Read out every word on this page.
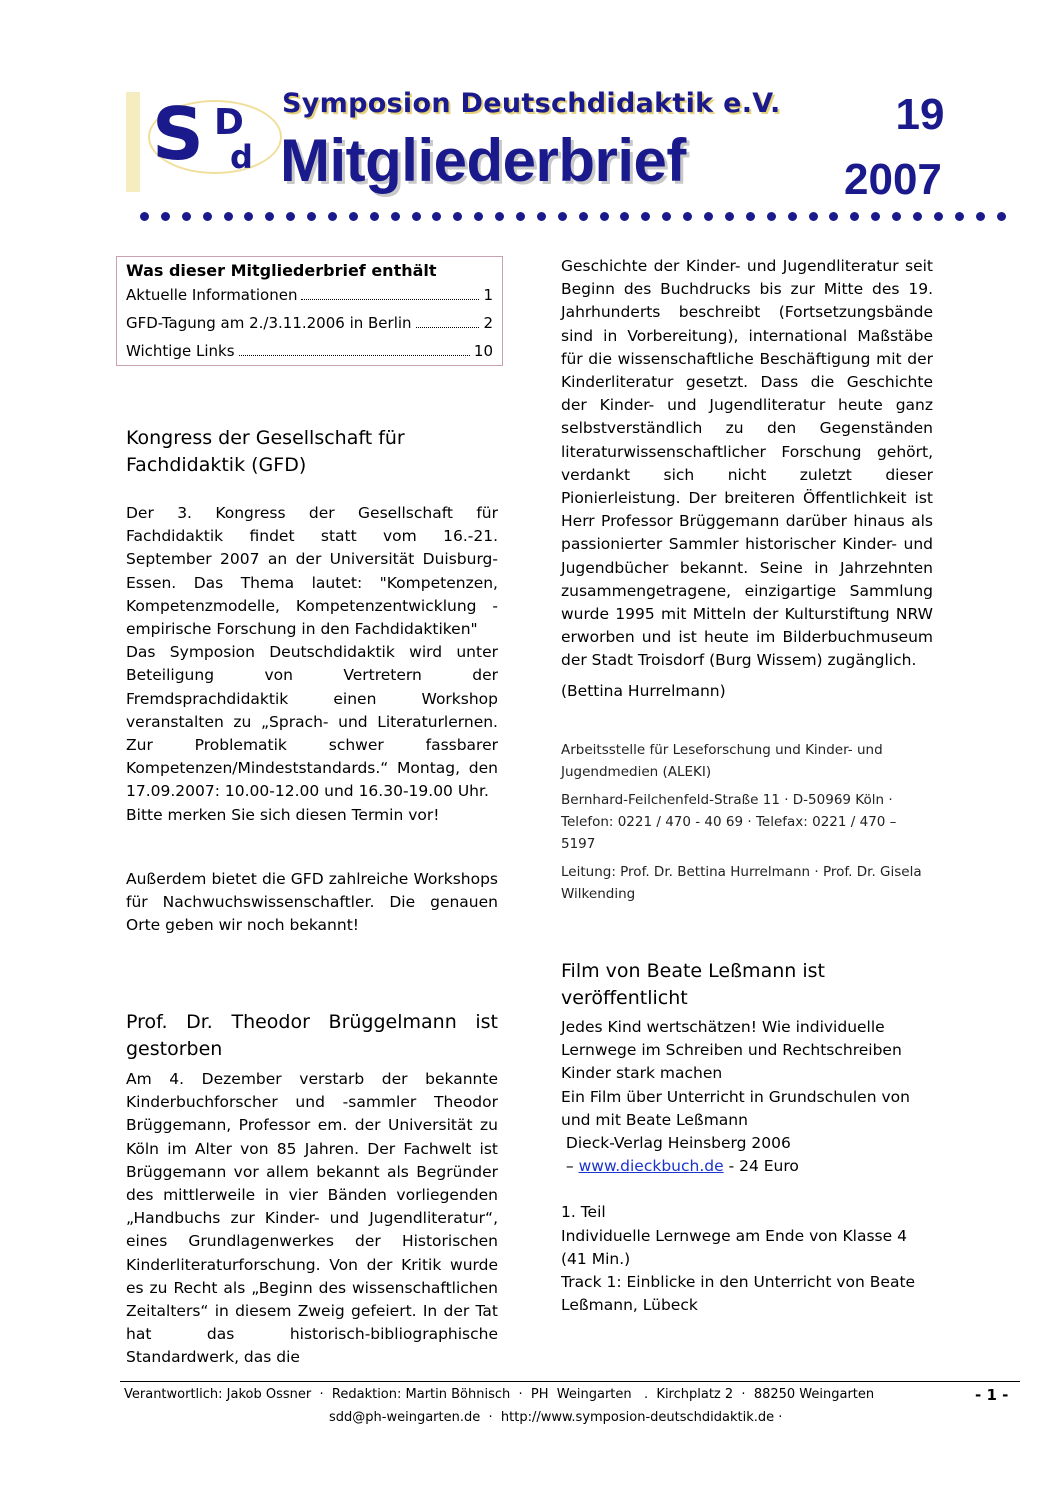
S D
d
Symposion Deutschdidaktik e.V.
Mitgliederbrief
19
2007
Was dieser Mitgliederbrief enthält
Aktuelle Informationen	1
GFD-Tagung am 2./3.11.2006 in Berlin	2
Wichtige Links	10
Kongress der Gesellschaft für Fachdidaktik (GFD)
Der 3. Kongress der Gesellschaft für Fachdidaktik findet statt vom 16.-21. September 2007 an der Universität Duisburg-Essen. Das Thema lautet: "Kompetenzen, Kompetenzmodelle, Kompetenzentwicklung - empirische Forschung in den Fachdidaktiken"
Das Symposion Deutschdidaktik wird unter Beteiligung von Vertretern der Fremdsprachdidaktik einen Workshop veranstalten zu „Sprach- und Literaturlernen. Zur Problematik schwer fassbarer Kompetenzen/Mindeststandards.“ Montag, den 17.09.2007: 10.00-12.00 und 16.30-19.00 Uhr.
Bitte merken Sie sich diesen Termin vor!
Außerdem bietet die GFD zahlreiche Workshops für Nachwuchswissenschaftler. Die genauen Orte geben wir noch bekannt!
Prof. Dr. Theodor Brüggelmann ist gestorben
Am 4. Dezember verstarb der bekannte Kinderbuchforscher und -sammler Theodor Brüggemann, Professor em. der Universität zu Köln im Alter von 85 Jahren. Der Fachwelt ist Brüggemann vor allem bekannt als Begründer des mittlerweile in vier Bänden vorliegenden „Handbuchs zur Kinder- und Jugendliteratur“, eines Grundlagenwerkes der Historischen Kinderliteraturforschung. Von der Kritik wurde es zu Recht als „Beginn des wissenschaftlichen Zeitalters“ in diesem Zweig gefeiert. In der Tat hat das historisch-bibliographische Standardwerk, das die
Geschichte der Kinder- und Jugendliteratur seit Beginn des Buchdrucks bis zur Mitte des 19. Jahrhunderts beschreibt (Fortsetzungsbände sind in Vorbereitung), international Maßstäbe für die wissenschaftliche Beschäftigung mit der Kinderliteratur gesetzt. Dass die Geschichte der Kinder- und Jugendliteratur heute ganz selbstverständlich zu den Gegenständen literaturwissenschaftlicher Forschung gehört, verdankt sich nicht zuletzt dieser Pionierleistung. Der breiteren Öffentlichkeit ist Herr Professor Brüggemann darüber hinaus als passionierter Sammler historischer Kinder- und Jugendbücher bekannt. Seine in Jahrzehnten zusammengetragene, einzigartige Sammlung wurde 1995 mit Mitteln der Kulturstiftung NRW erworben und ist heute im Bilderbuchmuseum der Stadt Troisdorf (Burg Wissem) zugänglich.
(Bettina Hurrelmann)
Arbeitsstelle für Leseforschung und Kinder- und Jugendmedien (ALEKI)
Bernhard-Feilchenfeld-Straße 11 · D-50969 Köln · Telefon: 0221 / 470 - 40 69 · Telefax: 0221 / 470 – 5197
Leitung: Prof. Dr. Bettina Hurrelmann · Prof. Dr. Gisela Wilkending
Film von Beate Leßmann ist veröffentlicht
Jedes Kind wertschätzen! Wie individuelle Lernwege im Schreiben und Rechtschreiben Kinder stark machen
Ein Film über Unterricht in Grundschulen von und mit Beate Leßmann
Dieck-Verlag Heinsberg 2006
– www.dieckbuch.de - 24 Euro
1. Teil
Individuelle Lernwege am Ende von Klasse 4 (41 Min.)
Track 1: Einblicke in den Unterricht von Beate Leßmann, Lübeck
Verantwortlich: Jakob Ossner  ·  Redaktion: Martin Böhnisch  ·  PH  Weingarten   .  Kirchplatz 2  ·  88250 Weingarten
sdd@ph-weingarten.de  ·  http://www.symposion-deutschdidaktik.de ·
- 1 -
